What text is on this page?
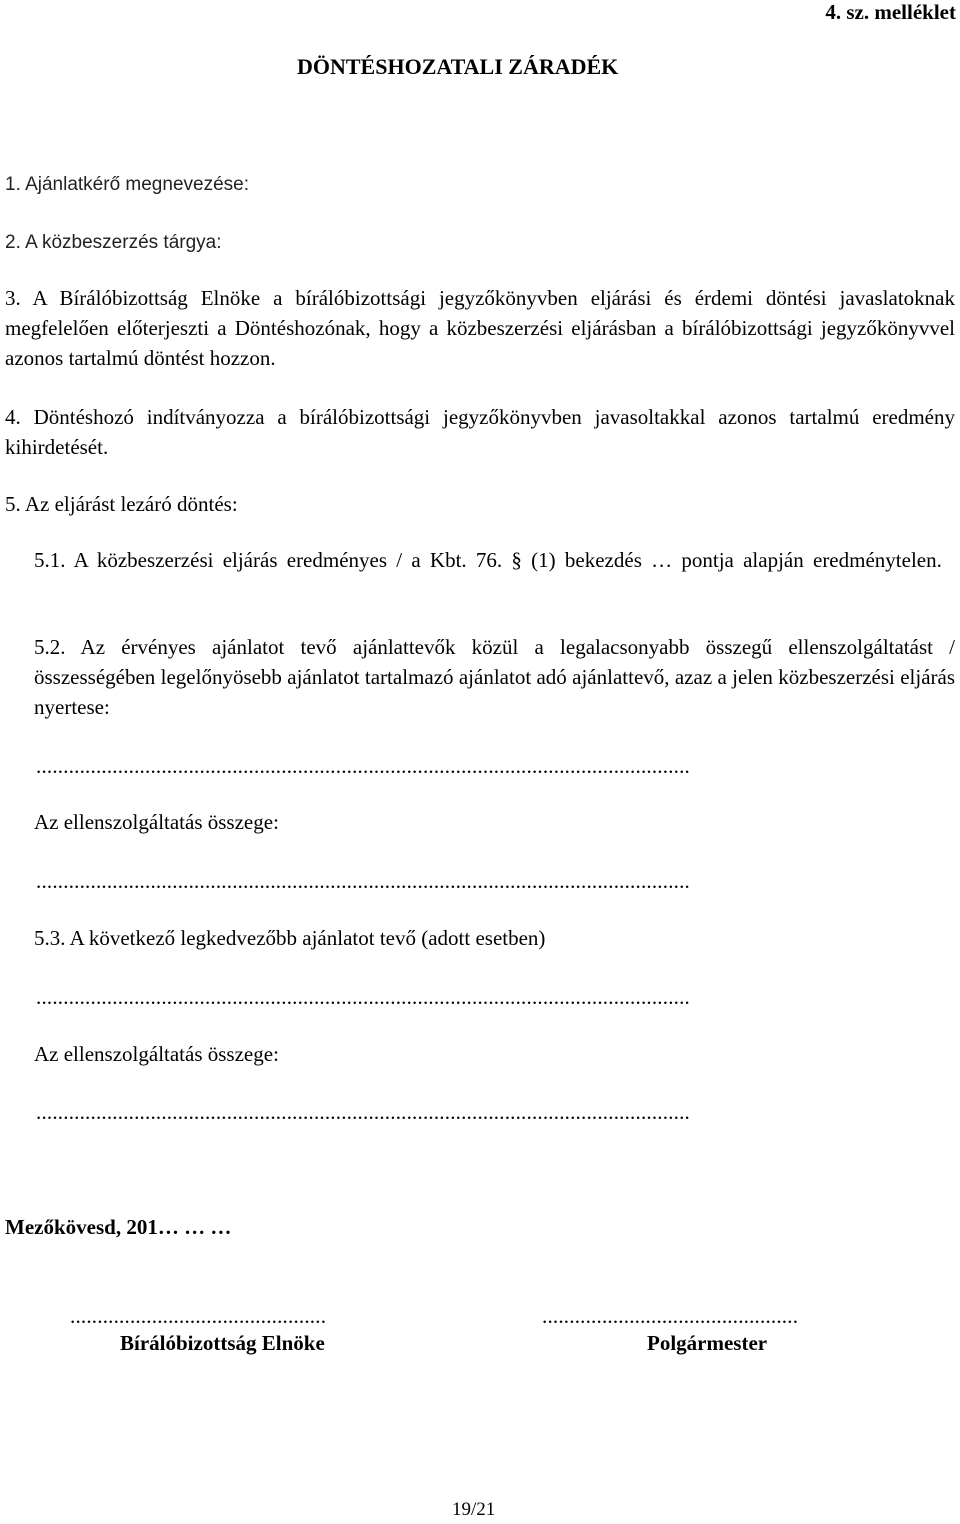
4. sz. melléklet
DÖNTÉSHOZATALI ZÁRADÉK
1. Ajánlatkérő megnevezése:
2. A közbeszerzés tárgya:
3. A Bírálóbizottság Elnöke a bírálóbizottsági jegyzőkönyvben eljárási és érdemi döntési javaslatoknak megfelelően előterjeszti a Döntéshozónak, hogy a közbeszerzési eljárásban a bírálóbizottsági jegyzőkönyvvel azonos tartalmú döntést hozzon.
4. Döntéshozó indítványozza a bírálóbizottsági jegyzőkönyvben javasoltakkal azonos tartalmú eredmény kihirdetését.
5. Az eljárást lezáró döntés:
5.1. A közbeszerzési eljárás eredményes / a Kbt. 76. § (1) bekezdés … pontja alapján eredménytelen.
5.2. Az érvényes ajánlatot tevő ajánlattevők közül a legalacsonyabb összegű ellenszolgáltatást / összességében legelőnyösebb ajánlatot tartalmazó ajánlatot adó ajánlattevő, azaz a jelen közbeszerzési eljárás nyertese:
........................................................................................................................
Az ellenszolgáltatás összege:
........................................................................................................................
5.3. A következő legkedvezőbb ajánlatot tevő (adott esetben)
........................................................................................................................
Az ellenszolgáltatás összege:
........................................................................................................................
Mezőkövesd, 201… … …
...............................................
Bírálóbizottság Elnöke
...............................................
Polgármester
19/21
